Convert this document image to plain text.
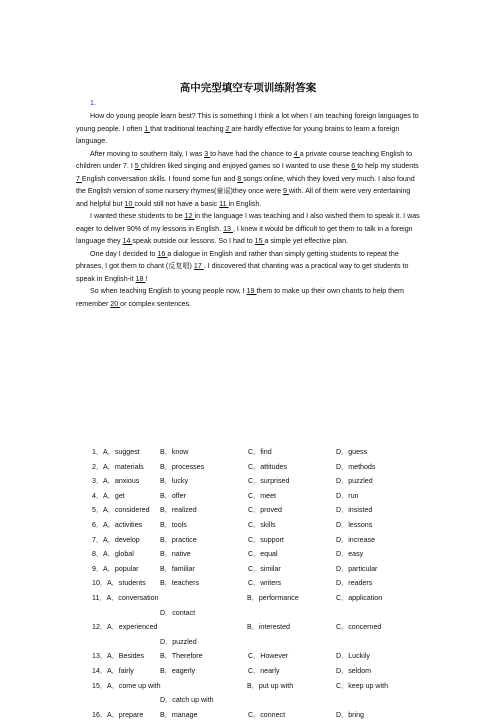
高中完型填空专项训练附答案
1.

How do young people learn best? This is something I think a lot when I am teaching foreign languages to young people. I often 1 that traditional teaching 2 are hardly effective for young brains to learn a foreign language.

After moving to southern Italy, I was 3 to have had the chance to 4 a private course teaching English to children under 7. I 5 children liked singing and enjoyed games so I wanted to use these 6 to help my students 7 English conversation skills. I found some fun and 8 songs online, which they loved very much. I also found the English version of some nursery rhymes(童谣)they once were 9 with. All of them were very entertaining and helpful but 10 could still not have a basic 11 in English.

I wanted these students to be 12 in the language I was teaching and I also wished them to speak it. I was eager to deliver 90% of my lessons in English. 13 , I knew it would be difficult to get them to talk in a foreign language they 14 speak outside our lessons. So I had to 15 a simple yet effective plan.

One day I decided to 16 a dialogue in English and rather than simply getting students to repeat the phrases, I got them to chant (反复唱) 17 . I discovered that chanting was a practical way to get students to speak in English-it 18 !

So when teaching English to young people now, I 19 them to make up their own chants to help them remember 20 or complex sentences.

1．A．suggest	B．know	C．find	D．guess
2．A．materials B．processes	C．attitudes	D．methods
3．A．anxious	B．lucky	C．surprised	D．puzzled
4．A．get	B．offer	C．meet	D．run
5．A．considered B．realized	C．proved	D．insisted
6．A．activities	B．tools	C．skills	D．lessons
7．A．develop	B．practice	C．support	D．increase
8．A．global	B．native	C．equal	D．easy
9．A．popular	B．familiar	C．similar	D．particular
10．A．students B．teachers	C．writers	D．readers
11．A．conversation	B．performance	C．application
D．contact
12．A．experienced	B．interested	C．concerned
D．puzzled
13．A．Besides B．Therefore	C．However	D．Luckily
14．A．fairly	B．eagerly	C．nearly	D．seldom
15．A．come up with	B．put up with	C．keep up with
D．catch up with
16．A．prepare B．manage	C．connect	D．bring
